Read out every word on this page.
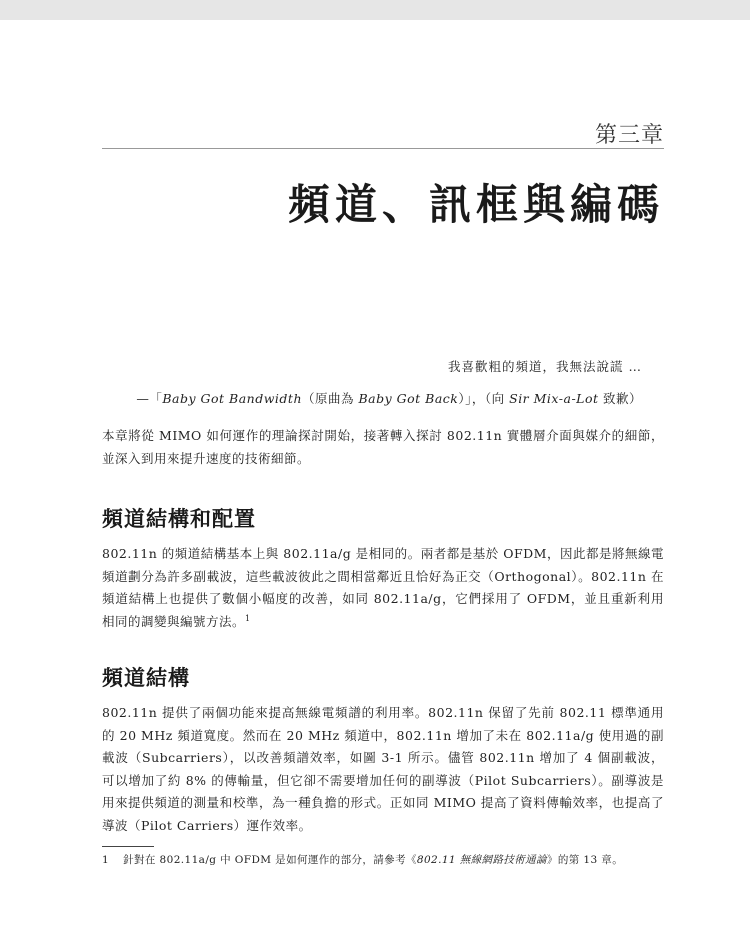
第三章
頻道、訊框與編碼
我喜歡粗的頻道，我無法說謊 …
—「Baby Got Bandwidth（原曲為 Baby Got Back）」，（向 Sir Mix-a-Lot 致歉）
本章將從 MIMO 如何運作的理論探討開始，接著轉入探討 802.11n 實體層介面與媒介的細節，並深入到用來提升速度的技術細節。
頻道結構和配置
802.11n 的頻道結構基本上與 802.11a/g 是相同的。兩者都是基於 OFDM，因此都是將無線電頻道劃分為許多副載波，這些載波彼此之間相當鄰近且恰好為正交（Orthogonal）。802.11n 在頻道結構上也提供了數個小幅度的改善，如同 802.11a/g，它們採用了 OFDM，並且重新利用相同的調變與編號方法。$^1$
頻道結構
802.11n 提供了兩個功能來提高無線電頻譜的利用率。802.11n 保留了先前 802.11 標準通用的 20 MHz 頻道寬度。然而在 20 MHz 頻道中，802.11n 增加了未在 802.11a/g 使用過的副載波（Subcarriers），以改善頻譜效率，如圖 3-1 所示。儘管 802.11n 增加了 4 個副載波，可以增加了約 8% 的傳輸量，但它卻不需要增加任何的副導波（Pilot Subcarriers）。副導波是用來提供頻道的測量和校準，為一種負擔的形式。正如同 MIMO 提高了資料傳輸效率，也提高了導波（Pilot Carriers）運作效率。
1 針對在 802.11a/g 中 OFDM 是如何運作的部分，請參考《802.11 無線網路技術通論》的第 13 章。
